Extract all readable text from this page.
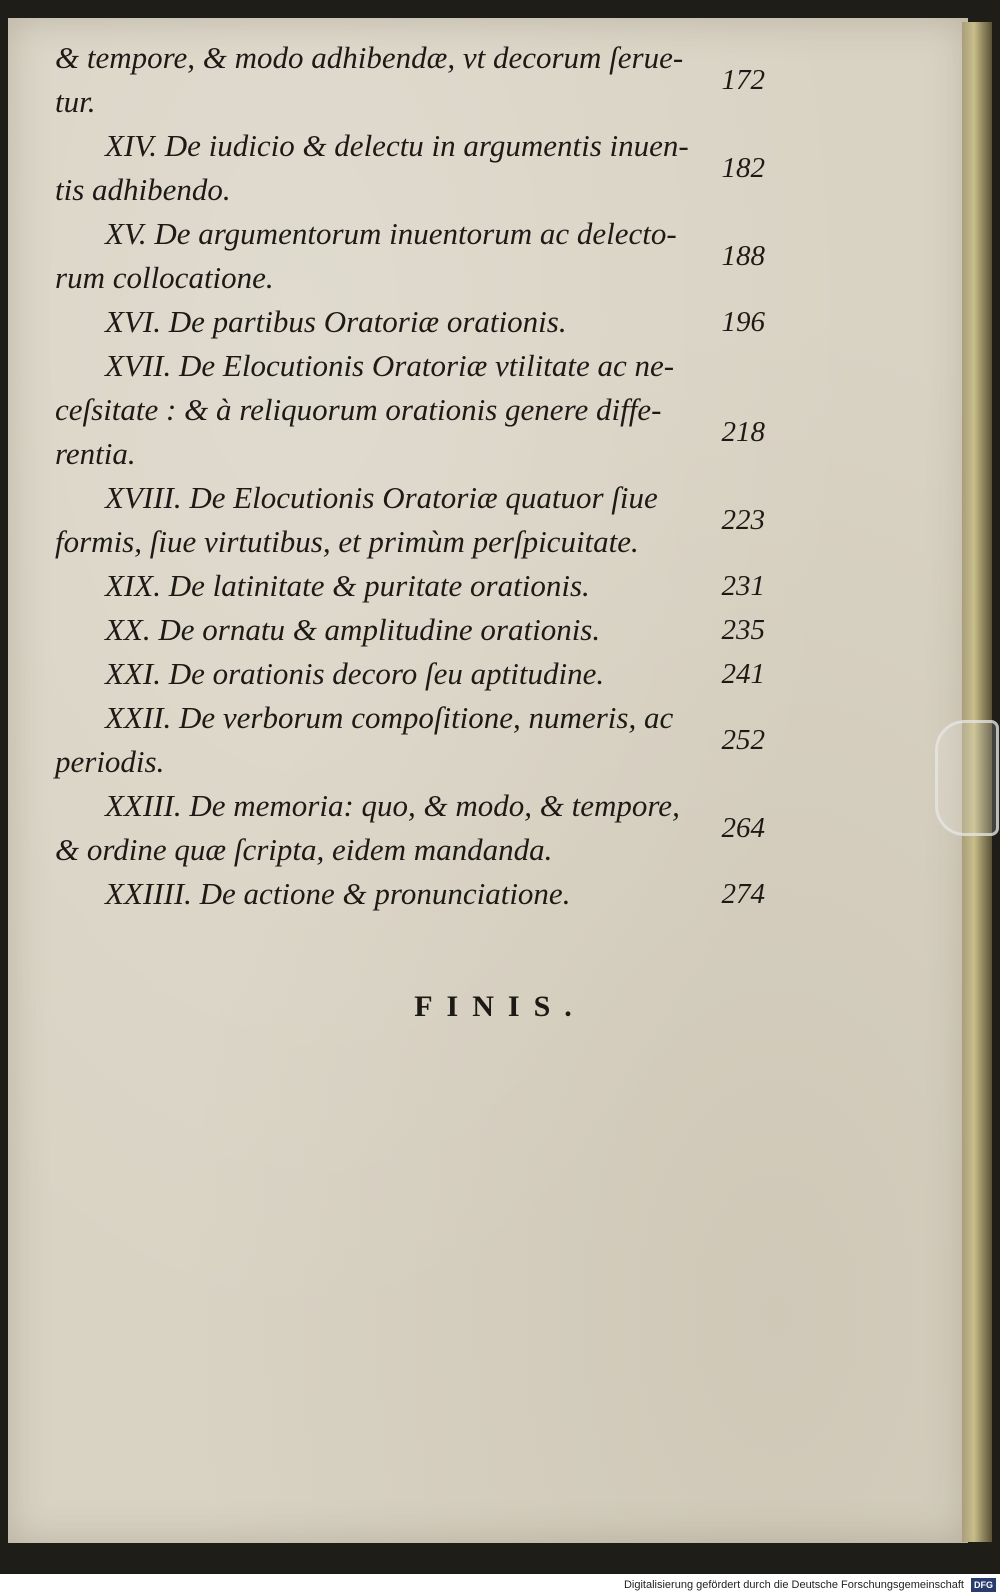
& tempore, & modo adhibendæ, vt decorum ſerue-
tur.
172
XIV. De iudicio & delectu in argumentis inuen-
tis adhibendo.
182
XV. De argumentorum inuentorum ac delecto-
rum collocatione.
188
XVI. De partibus Oratoriæ orationis.	196
XVII. De Elocutionis Oratoriæ vtilitate ac ne-
ceſsitate : & à reliquorum orationis genere diffe-
rentia.
218
XVIII. De Elocutionis Oratoriæ quatuor ſiue
formis, ſiue virtutibus, et primùm perſpicuitate.
223
XIX. De latinitate & puritate orationis.	231
XX. De ornatu & amplitudine orationis.	235
XXI. De orationis decoro ſeu aptitudine.	241
XXII. De verborum compoſitione, numeris, ac
periodis.
252
XXIII. De memoria: quo, & modo, & tempore,
& ordine quæ ſcripta, eidem mandanda.
264
XXIIII. De actione & pronunciatione.	274
FINIS.
Digitalisierung gefördert durch die Deutsche Forschungsgemeinschaft DFG
